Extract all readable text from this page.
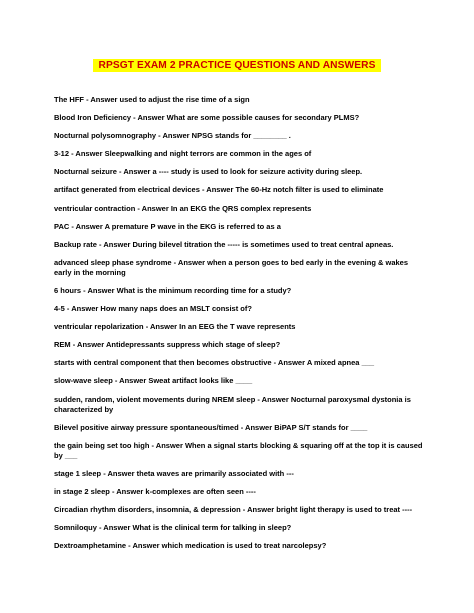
RPSGT EXAM 2 PRACTICE QUESTIONS AND ANSWERS
The HFF - Answer used to adjust the rise time of a sign
Blood Iron Deficiency - Answer What are some possible causes for secondary PLMS?
Nocturnal polysomnography - Answer NPSG stands for ________ .
3-12 - Answer Sleepwalking and night terrors are common in the ages of
Nocturnal seizure - Answer a ---- study is used to look for seizure activity during sleep.
artifact generated from electrical devices - Answer The 60-Hz notch filter is used to eliminate
ventricular contraction - Answer In an EKG the QRS complex represents
PAC - Answer A premature P wave in the EKG is referred to as a
Backup rate - Answer During bilevel titration the ----- is sometimes used to treat central apneas.
advanced sleep phase syndrome - Answer when a person goes to bed early in the evening & wakes early in the morning
6 hours - Answer What is the minimum recording time for a study?
4-5 - Answer How many naps does an MSLT consist of?
ventricular repolarization - Answer In an EEG the T wave represents
REM - Answer Antidepressants suppress which stage of sleep?
starts with central component that then becomes obstructive - Answer A mixed apnea ___
slow-wave sleep - Answer Sweat artifact looks like ____
sudden, random, violent movements during NREM sleep - Answer Nocturnal paroxysmal dystonia is characterized by
Bilevel positive airway pressure spontaneous/timed - Answer BiPAP S/T stands for ____
the gain being set too high - Answer When a signal starts blocking & squaring off at the top it is caused by ___
stage 1 sleep - Answer theta waves are primarily associated with ---
in stage 2 sleep - Answer k-complexes are often seen ----
Circadian rhythm disorders, insomnia, & depression - Answer bright light therapy is used to treat ----
Somniloquy - Answer What is the clinical term for talking in sleep?
Dextroamphetamine - Answer which medication is used to treat narcolepsy?
